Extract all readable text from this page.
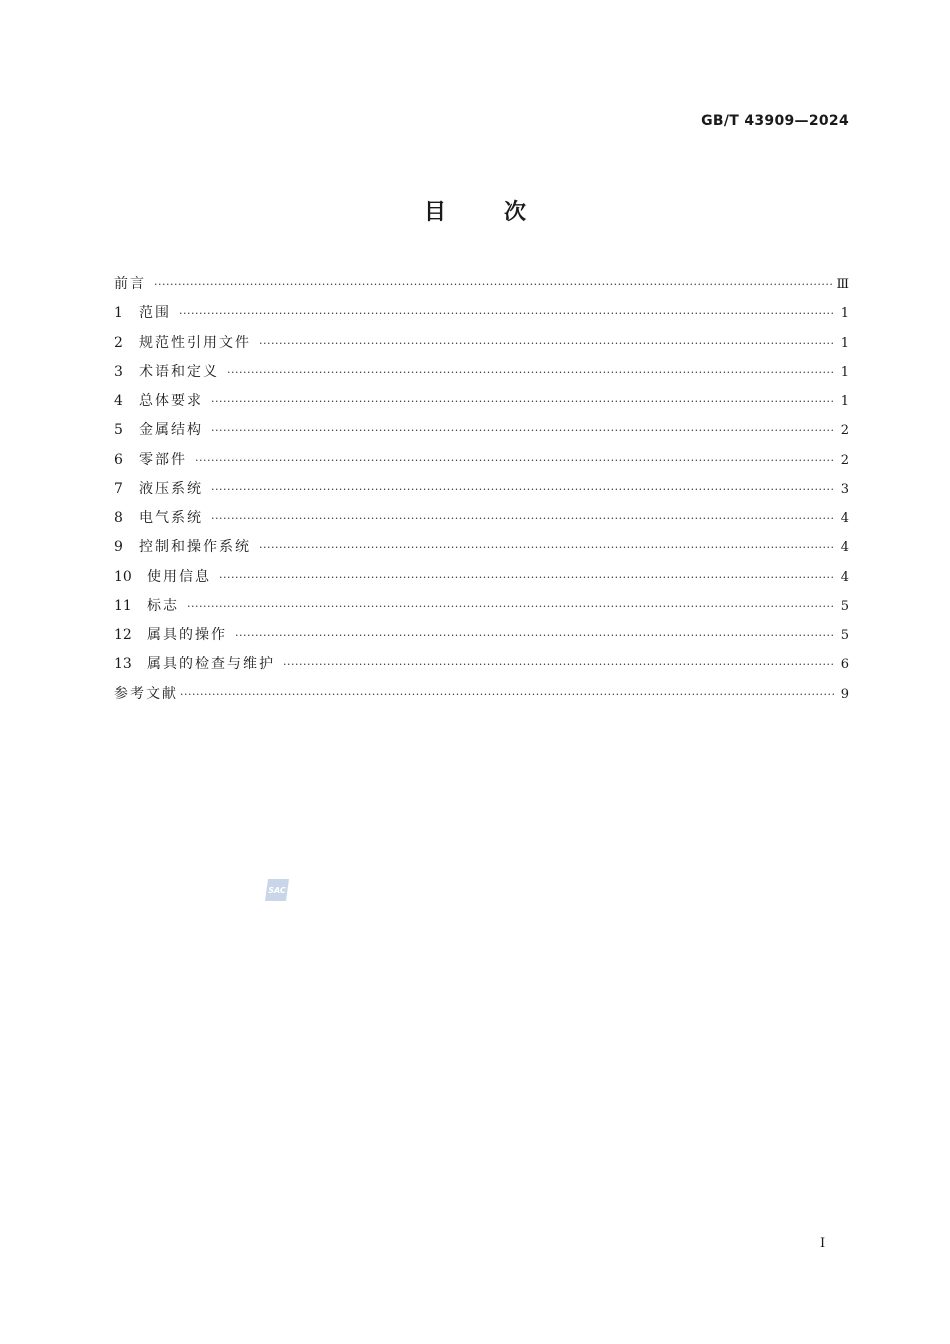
GB/T 43909—2024
目次
前言 ·····	Ⅲ
1	范围 ·····	1
2	规范性引用文件 ·····	1
3	术语和定义 ·····	1
4	总体要求 ·····	1
5	金属结构 ·····	2
6	零部件 ·····	2
7	液压系统 ·····	3
8	电气系统 ·····	4
9	控制和操作系统 ·····	4
10	使用信息 ·····	4
11	标志 ·····	5
12	属具的操作 ·····	5
13	属具的检查与维护 ·····	6
参考文献 ·····	9
SAC
I
